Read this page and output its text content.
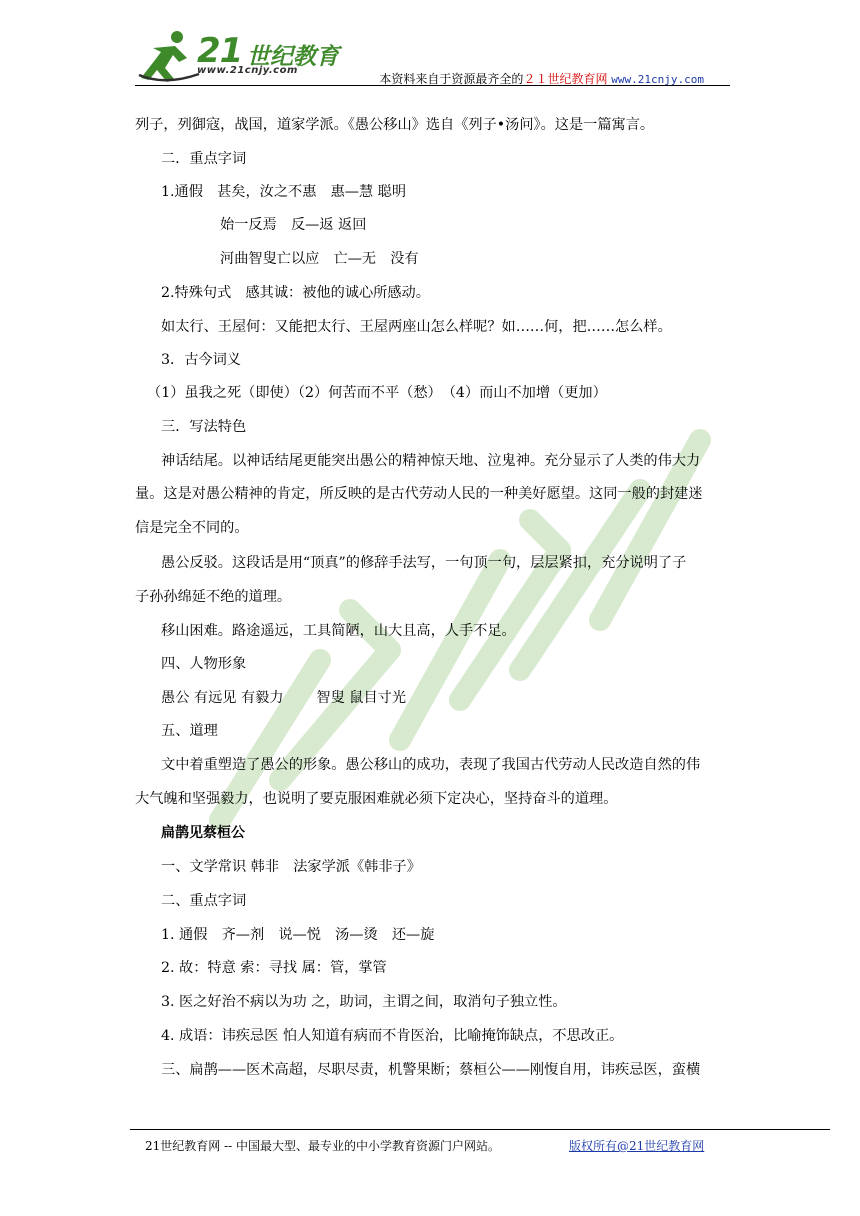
21 世纪教育
www.21cnjy.com
本资料来自于资源最齐全的２１世纪教育网 www.21cnjy.com
列子，列御寇，战国，道家学派。《愚公移山》选自《列子•汤问》。这是一篇寓言。
二．重点字词
1.通假　甚矣，汝之不惠　惠—慧 聪明
始一反焉　反—返 返回
河曲智叟亡以应　亡—无　没有
2.特殊句式　感其诚：被他的诚心所感动。
如太行、王屋何：又能把太行、王屋两座山怎么样呢？如……何，把……怎么样。
3．古今词义
（1）虽我之死（即使）（2）何苦而不平（愁）　（4）而山不加增（更加）
三．写法特色
神话结尾。以神话结尾更能突出愚公的精神惊天地、泣鬼神。充分显示了人类的伟大力
量。这是对愚公精神的肯定，所反映的是古代劳动人民的一种美好愿望。这同一般的封建迷
信是完全不同的。
愚公反驳。这段话是用“顶真”的修辞手法写，一句顶一句，层层紧扣，充分说明了子
子孙孙绵延不绝的道理。
移山困难。路途遥远，工具简陋，山大且高，人手不足。
四、人物形象
愚公 有远见 有毅力　　 智叟 鼠目寸光
五、道理
文中着重塑造了愚公的形象。愚公移山的成功，表现了我国古代劳动人民改造自然的伟
大气魄和坚强毅力，也说明了要克服困难就必须下定决心，坚持奋斗的道理。
扁鹊见蔡桓公
一、文学常识 韩非　法家学派《韩非子》
二、重点字词
1. 通假　齐—剂　说—悦　汤—烫　还—旋
2. 故：特意 索：寻找 属：管，掌管
3. 医之好治不病以为功 之，助词，主谓之间，取消句子独立性。
4. 成语：讳疾忌医 怕人知道有病而不肯医治，比喻掩饰缺点，不思改正。
三、扁鹊——医术高超，尽职尽责，机警果断；蔡桓公——刚愎自用，讳疾忌医，蛮横
21世纪教育网 -- 中国最大型、最专业的中小学教育资源门户网站。	版权所有@21世纪教育网
